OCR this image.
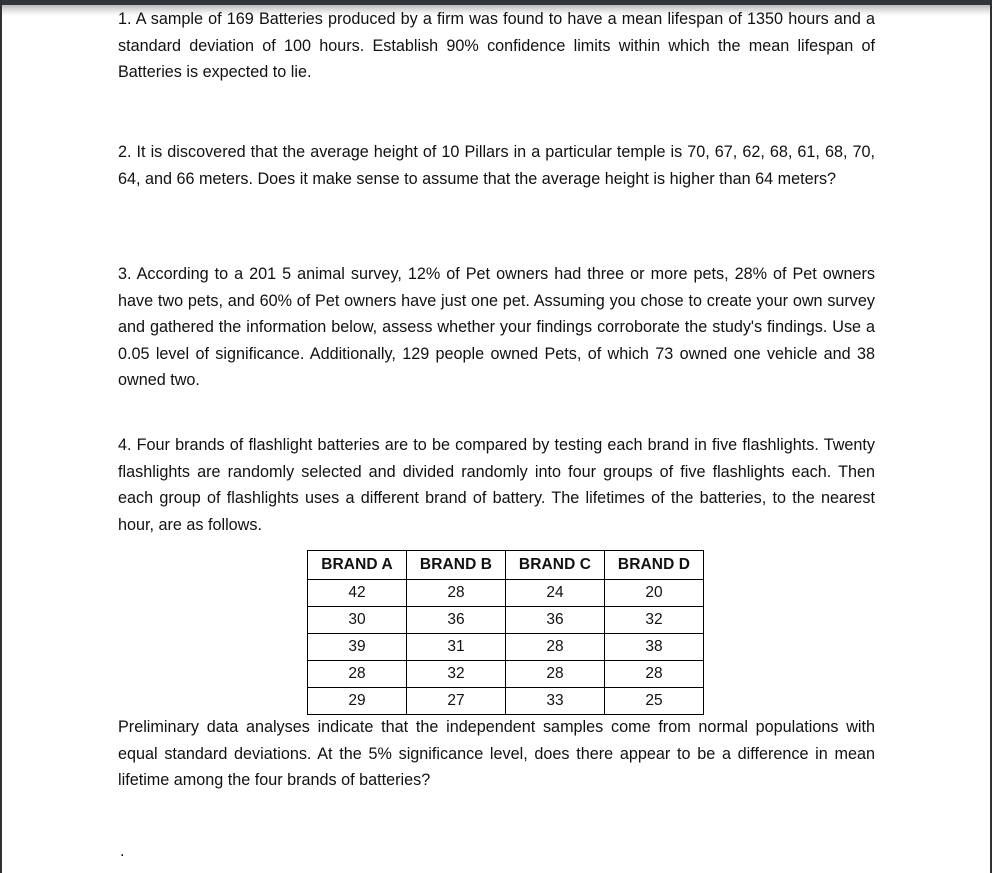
1. A sample of 169 Batteries produced by a firm was found to have a mean lifespan of 1350 hours and a standard deviation of 100 hours. Establish 90% confidence limits within which the mean lifespan of Batteries is expected to lie.

2. It is discovered that the average height of 10 Pillars in a particular temple is 70, 67, 62, 68, 61, 68, 70, 64, and 66 meters. Does it make sense to assume that the average height is higher than 64 meters?

3. According to a 201 5 animal survey, 12% of Pet owners had three or more pets, 28% of Pet owners have two pets, and 60% of Pet owners have just one pet. Assuming you chose to create your own survey and gathered the information below, assess whether your findings corroborate the study's findings. Use a 0.05 level of significance. Additionally, 129 people owned Pets, of which 73 owned one vehicle and 38 owned two.

4. Four brands of flashlight batteries are to be compared by testing each brand in five flashlights. Twenty flashlights are randomly selected and divided randomly into four groups of five flashlights each. Then each group of flashlights uses a different brand of battery. The lifetimes of the batteries, to the nearest hour, are as follows.

BRAND A	BRAND B	BRAND C	BRAND D
42	28	24	20
30	36	36	32
39	31	28	38
28	32	28	28
29	27	33	25

Preliminary data analyses indicate that the independent samples come from normal populations with equal standard deviations. At the 5% significance level, does there appear to be a difference in mean lifetime among the four brands of batteries?

.
